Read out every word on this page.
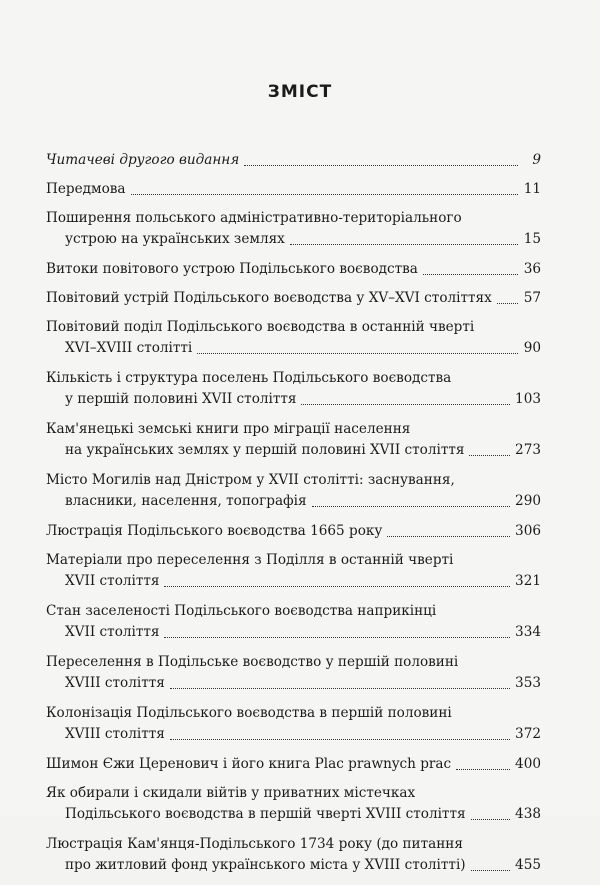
ЗМІСТ
Читачеві другого видання	9
Передмова	11
Поширення польського адміністративно-територіального
устрою на українських землях	15
Витоки повітового устрою Подільського воєводства	36
Повітовий устрій Подільського воєводства у XV–XVI століттях 57
Повітовий поділ Подільського воєводства в останній чверті
XVI–XVIII столітті	90
Кількість і структура поселень Подільського воєводства
у першій половині XVII століття	103
Кам'янецькі земські книги про міграції населення
на українських землях у першій половині XVII століття	273
Місто Могилів над Дністром у XVII столітті: заснування,
власники, населення, топографія	290
Люстрація Подільського воєводства 1665 року	306
Матеріали про переселення з Поділля в останній чверті
XVII століття	321
Стан заселеності Подільського воєводства наприкінці
XVII століття	334
Переселення в Подільське воєводство у першій половині
XVIII століття	353
Колонізація Подільського воєводства в першій половині
XVIII століття	372
Шимон Єжи Церенович і його книга Plac prawnych prac	400
Як обирали і скидали війтів у приватних містечках
Подільського воєводства в першій чверті XVIII століття	438
Люстрація Кам'янця-Подільського 1734 року (до питання
про житловий фонд українського міста у XVIII столітті)	455
